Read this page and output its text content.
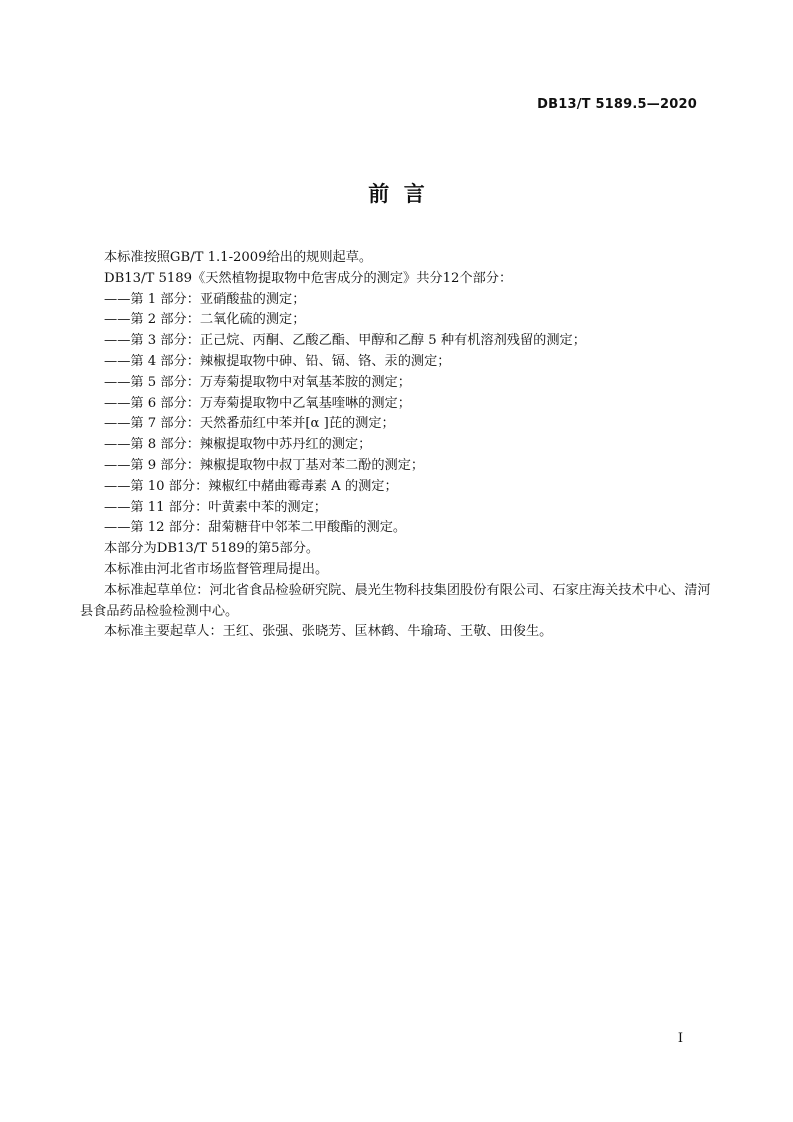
DB13/T 5189.5—2020
前  言

本标准按照GB/T 1.1-2009给出的规则起草。

DB13/T 5189《天然植物提取物中危害成分的测定》共分12个部分：

——第 1 部分：亚硝酸盐的测定；

——第 2 部分：二氧化硫的测定；

——第 3 部分：正己烷、丙酮、乙酸乙酯、甲醇和乙醇 5 种有机溶剂残留的测定；

——第 4 部分：辣椒提取物中砷、铅、镉、铬、汞的测定；

——第 5 部分：万寿菊提取物中对氧基苯胺的测定；

——第 6 部分：万寿菊提取物中乙氧基喹啉的测定；

——第 7 部分：天然番茄红中苯并[α ]芘的测定；

——第 8 部分：辣椒提取物中苏丹红的测定；

——第 9 部分：辣椒提取物中叔丁基对苯二酚的测定；

——第 10 部分：辣椒红中赭曲霉毒素 A 的测定；

——第 11 部分：叶黄素中苯的测定；

——第 12 部分：甜菊糖苷中邻苯二甲酸酯的测定。

本部分为DB13/T 5189的第5部分。

本标准由河北省市场监督管理局提出。

本标准起草单位：河北省食品检验研究院、晨光生物科技集团股份有限公司、石家庄海关技术中心、清河县食品药品检验检测中心。

本标准主要起草人：王红、张强、张晓芳、匡林鹤、牛瑜琦、王敬、田俊生。

I
